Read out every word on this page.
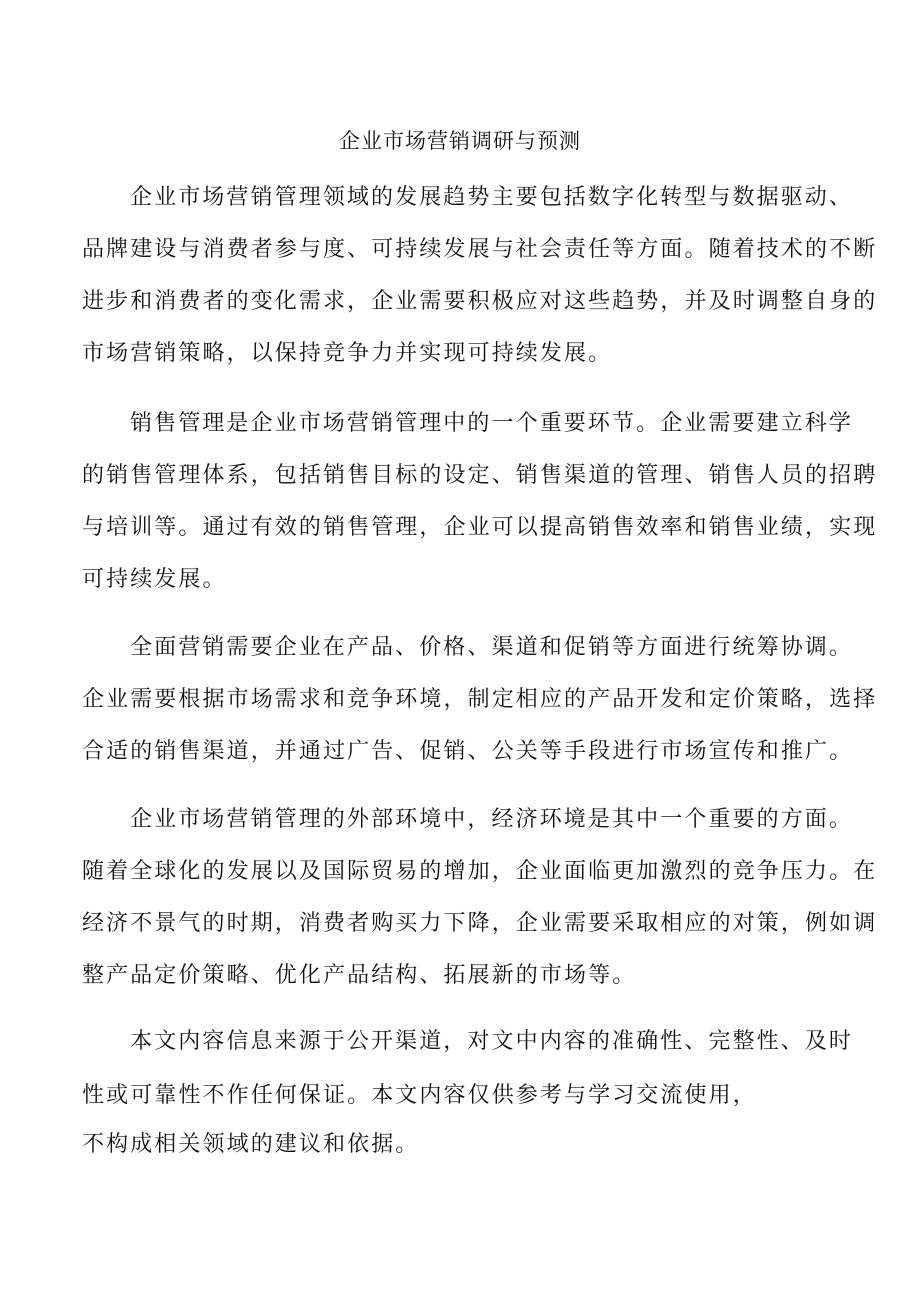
企业市场营销调研与预测
企业市场营销管理领域的发展趋势主要包括数字化转型与数据驱动、
品牌建设与消费者参与度、可持续发展与社会责任等方面。随着技术的不断
进步和消费者的变化需求，企业需要积极应对这些趋势，并及时调整自身的
市场营销策略，以保持竞争力并实现可持续发展。
销售管理是企业市场营销管理中的一个重要环节。企业需要建立科学
的销售管理体系，包括销售目标的设定、销售渠道的管理、销售人员的招聘
与培训等。通过有效的销售管理，企业可以提高销售效率和销售业绩，实现
可持续发展。
全面营销需要企业在产品、价格、渠道和促销等方面进行统筹协调。
企业需要根据市场需求和竞争环境，制定相应的产品开发和定价策略，选择
合适的销售渠道，并通过广告、促销、公关等手段进行市场宣传和推广。
企业市场营销管理的外部环境中，经济环境是其中一个重要的方面。
随着全球化的发展以及国际贸易的增加，企业面临更加激烈的竞争压力。在
经济不景气的时期，消费者购买力下降，企业需要采取相应的对策，例如调
整产品定价策略、优化产品结构、拓展新的市场等。
本文内容信息来源于公开渠道，对文中内容的准确性、完整性、及时
性或可靠性不作任何保证。本文内容仅供参考与学习交流使用，
不构成相关领域的建议和依据。
